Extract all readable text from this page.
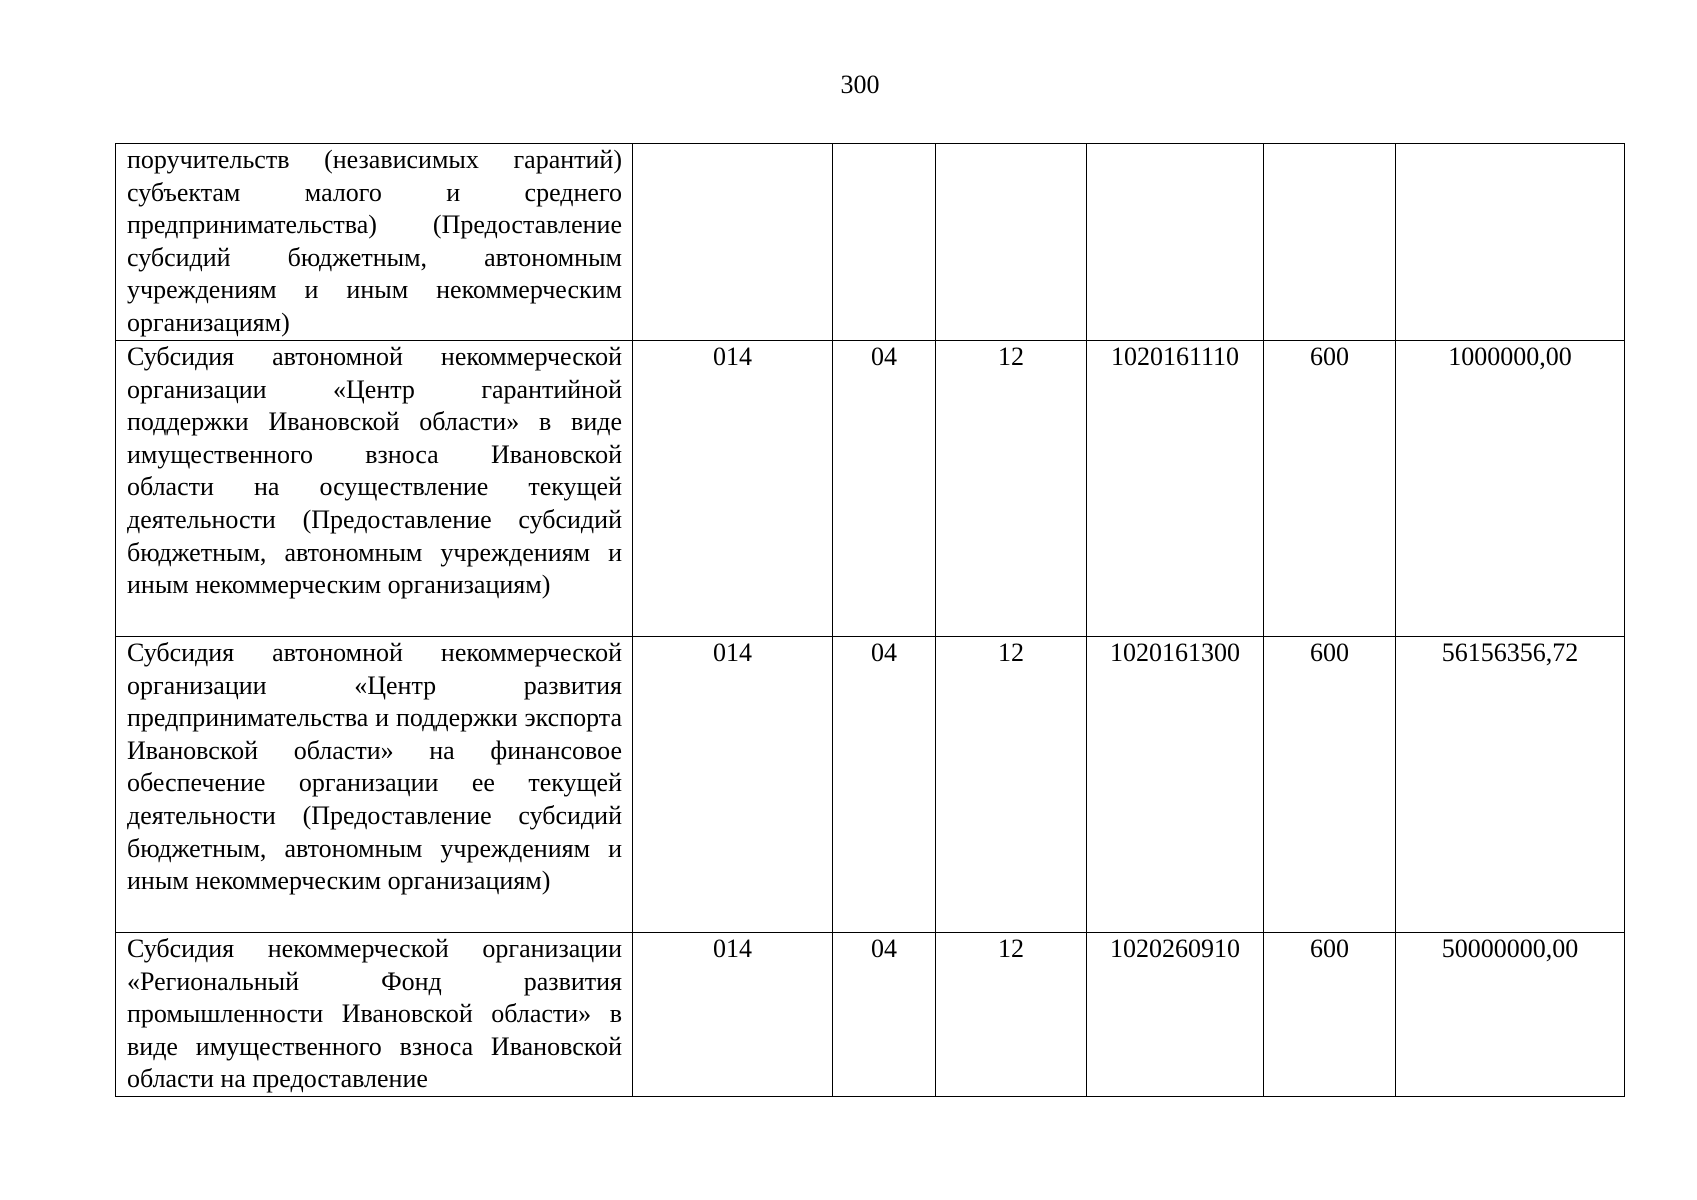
300
поручительств (независимых гарантий) субъектам малого и среднего предпринимательства) (Предоставление субсидий бюджетным, автономным учреждениям и иным некоммерческим организациям)						
Субсидия автономной некоммерческой организации «Центр гарантийной поддержки Ивановской области» в виде имущественного взноса Ивановской области на осуществление текущей деятельности (Предоставление субсидий бюджетным, автономным учреждениям и иным некоммерческим организациям)	014	04	12	1020161110	600	1000000,00
Субсидия автономной некоммерческой организации «Центр развития предпринимательства и поддержки экспорта Ивановской области» на финансовое обеспечение организации ее текущей деятельности (Предоставление субсидий бюджетным, автономным учреждениям и иным некоммерческим организациям)	014	04	12	1020161300	600	56156356,72
Субсидия некоммерческой организации «Региональный Фонд развития промышленности Ивановской области» в виде имущественного взноса Ивановской области на предоставление	014	04	12	1020260910	600	50000000,00
